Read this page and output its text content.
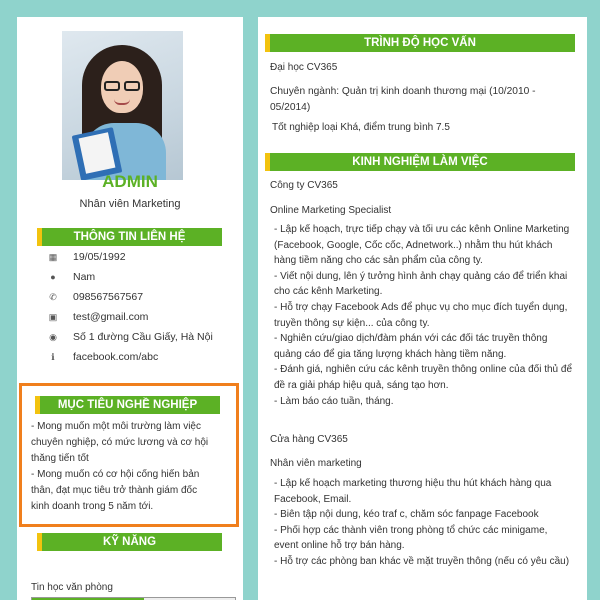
ADMIN
Nhân viên Marketing
THÔNG TIN LIÊN HỆ
▦ 19/05/1992
●	Nam
✆ 098567567567
▣ test@gmail.com
◉ Số 1 đường Cầu Giấy, Hà Nội
ℹ	facebook.com/abc
MỤC TIÊU NGHỀ NGHIỆP
- Mong muốn một môi trường làm việc
chuyên nghiệp, có mức lương và cơ hội
thăng tiến tốt
- Mong muốn có cơ hội cống hiến bản
thân, đạt mục tiêu trở thành giám đốc
kinh doanh trong 5 năm tới.
KỸ NĂNG
Tin học văn phòng
TRÌNH ĐỘ HỌC VẤN
Đại học CV365
Chuyên ngành: Quản trị kinh doanh thương mại (10/2010 -
05/2014)
Tốt nghiệp loại Khá, điểm trung bình 7.5
KINH NGHIỆM LÀM VIỆC
Công ty CV365
Online Marketing Specialist
- Lập kế hoạch, trực tiếp chạy và tối ưu các kênh Online Marketing
(Facebook, Google, Cốc cốc, Adnetwork..) nhằm thu hút khách
hàng tiềm năng cho các sản phẩm của công ty.
- Viết nội dung, lên ý tưởng hình ảnh chạy quảng cáo để triển khai
cho các kênh Marketing.
- Hỗ trợ chạy Facebook Ads để phục vụ cho mục đích tuyển dụng,
truyền thông sự kiện... của công ty.
- Nghiên cứu/giao dịch/đàm phán với các đối tác truyền thông
quảng cáo để gia tăng lượng khách hàng tiềm năng.
- Đánh giá, nghiên cứu các kênh truyền thông online của đối thủ để
đề ra giải pháp hiệu quả, sáng tạo hơn.
- Làm báo cáo tuần, tháng.
Cửa hàng CV365
Nhân viên marketing
- Lập kế hoạch marketing thương hiệu thu hút khách hàng qua
Facebook, Email.
- Biên tập nội dung, kéo traf c, chăm sóc fanpage Facebook
- Phối hợp các thành viên trong phòng tổ chức các minigame,
event online hỗ trợ bán hàng.
- Hỗ trợ các phòng ban khác về mặt truyền thông (nếu có yêu cầu)
